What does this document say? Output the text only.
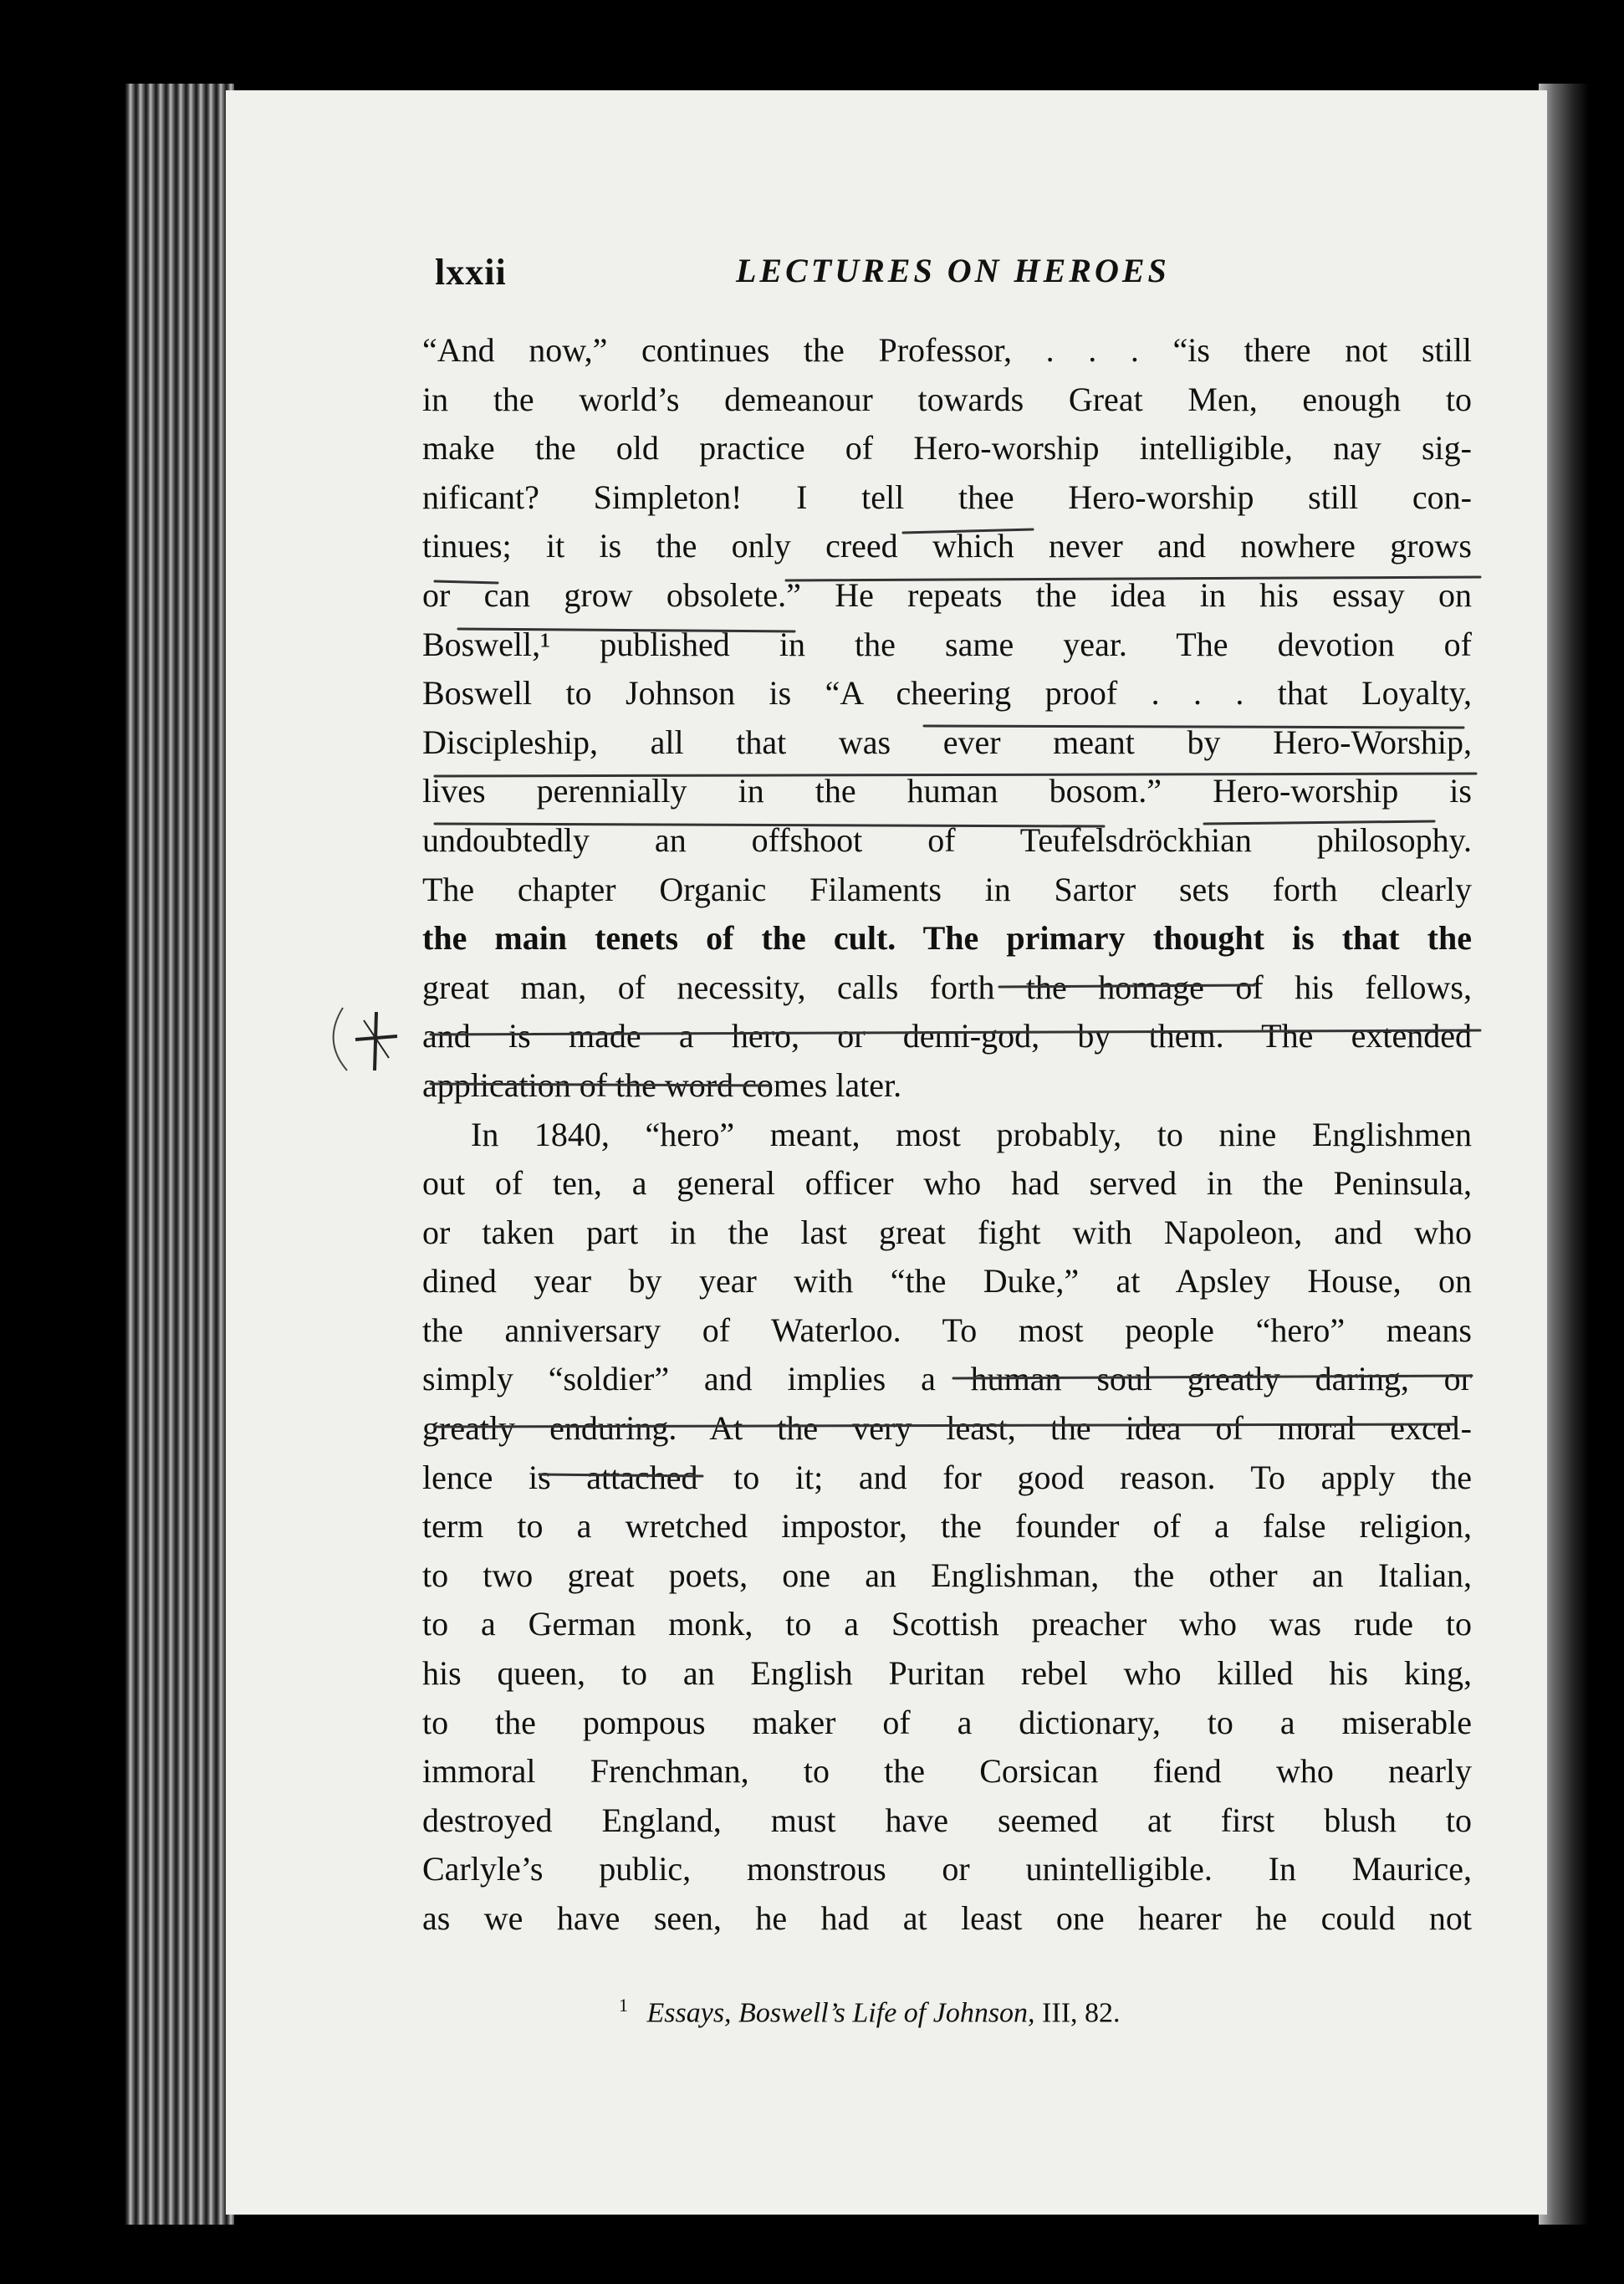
lxxii	LECTURES ON HEROES
“And now,” continues the Professor, . . . “is there not still
in the world’s demeanour towards Great Men, enough to
make the old practice of Hero-worship intelligible, nay sig-
nificant? Simpleton! I tell thee Hero-worship still con-
tinues; it is the only creed which never and nowhere grows
or can grow obsolete.” He repeats the idea in his essay on
Boswell,¹ published in the same year. The devotion of
Boswell to Johnson is “A cheering proof . . . that Loyalty,
Discipleship, all that was ever meant by Hero-Worship,
lives perennially in the human bosom.” Hero-worship is
undoubtedly an offshoot of Teufelsdröckhian philosophy.
The chapter Organic Filaments in Sartor sets forth clearly
the main tenets of the cult. The primary thought is that the
great man, of necessity, calls forth the homage of his fellows,
and is made a hero, or demi-god, by them. The extended
application of the word comes later.
In 1840, “hero” meant, most probably, to nine Englishmen
out of ten, a general officer who had served in the Peninsula,
or taken part in the last great fight with Napoleon, and who
dined year by year with “the Duke,” at Apsley House, on
the anniversary of Waterloo. To most people “hero” means
simply “soldier” and implies a human soul greatly daring, or
greatly enduring. At the very least, the idea of moral excel-
lence is attached to it; and for good reason. To apply the
term to a wretched impostor, the founder of a false religion,
to two great poets, one an Englishman, the other an Italian,
to a German monk, to a Scottish preacher who was rude to
his queen, to an English Puritan rebel who killed his king,
to the pompous maker of a dictionary, to a miserable
immoral Frenchman, to the Corsican fiend who nearly
destroyed England, must have seemed at first blush to
Carlyle’s public, monstrous or unintelligible. In Maurice,
as we have seen, he had at least one hearer he could not
$^1$ Essays, Boswell’s Life of Johnson, III, 82.
